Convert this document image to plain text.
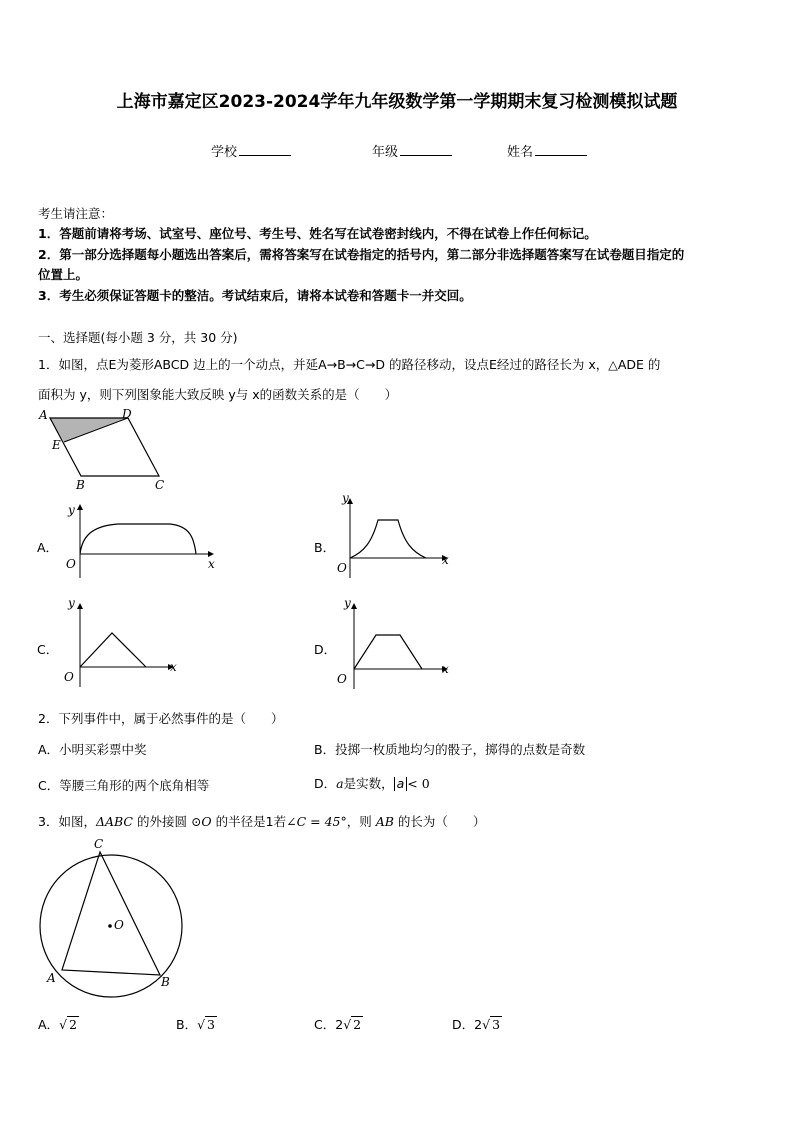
上海市嘉定区2023-2024学年九年级数学第一学期期末复习检测模拟试题
学校	年级	姓名
考生请注意：
1．答题前请将考场、试室号、座位号、考生号、姓名写在试卷密封线内，不得在试卷上作任何标记。
2．第一部分选择题每小题选出答案后，需将答案写在试卷指定的括号内，第二部分非选择题答案写在试卷题目指定的
位置上。
3．考生必须保证答题卡的整洁。考试结束后，请将本试卷和答题卡一并交回。
一、选择题(每小题 3 分，共 30 分)
1．如图，点E为菱形ABCD 边上的一个动点，并延A→B→C→D 的路径移动，设点E经过的路径长为 x，△ADE 的
面积为 y，则下列图象能大致反映 y与 x的函数关系的是（　　）
A	D
E
B	C
A．
y
O	x
B．
y
O
x
C．
y
O
x
D．
y
O
x
2．下列事件中，属于必然事件的是（　　）
A．小明买彩票中奖	B．投掷一枚质地均匀的骰子，掷得的点数是奇数
C．等腰三角形的两个底角相等	D．a是实数， a < 0
3．如图，ΔABC 的外接圆 ⊙O 的半径是1若∠C = 45°，则 AB 的长为（　　）
C
O
A	B
A．√ 2	B．√ 3	C．2√ 2	D．2√ 3
